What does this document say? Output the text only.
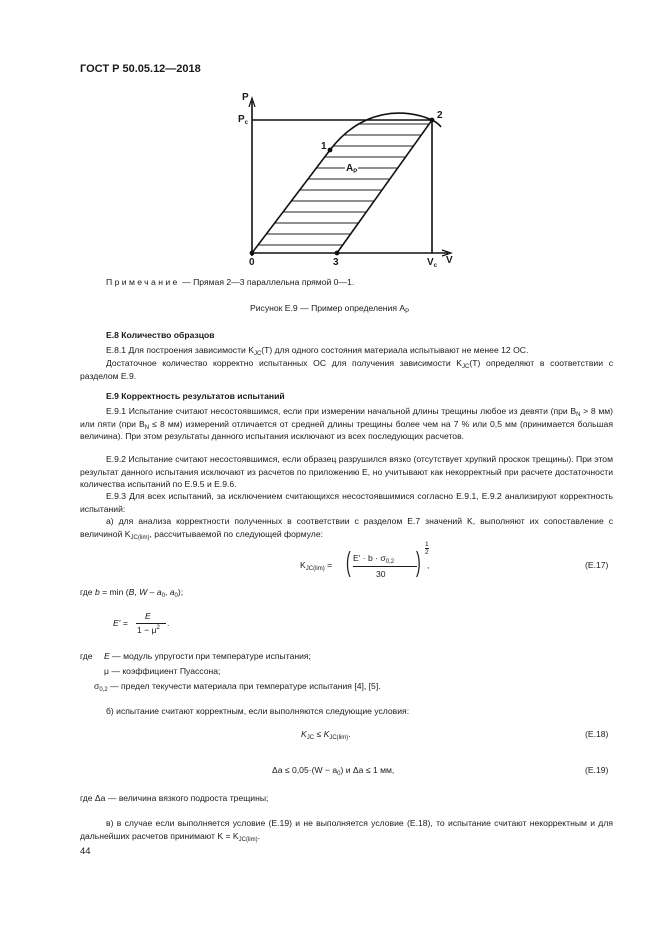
ГОСТ Р 50.05.12—2018
P
$P_c$
2
1
$A_P$
0	3	$V_c$ V
Примечание — Прямая 2—3 параллельна прямой 0—1.
Рисунок Е.9 — Пример определения $A_P$
Е.8 Количество образцов
Е.8.1 Для построения зависимости $K_{JC}(T)$ для одного состояния материала испытывают не менее 12 ОС.
Достаточное количество корректно испытанных ОС для получения зависимости $K_{JC}(T)$ определяют в соответствии с разделом Е.9.
Е.9 Корректность результатов испытаний
Е.9.1 Испытание считают несостоявшимся, если при измерении начальной длины трещины любое из девяти (при $B_N > 8$ мм) или пяти (при $B_N \le 8$ мм) измерений отличается от средней длины трещины более чем на 7 % или 0,5 мм (принимается большая величина). При этом результаты данного испытания исключают из всех последующих расчетов.
Е.9.2 Испытание считают несостоявшимся, если образец разрушился вязко (отсутствует хрупкий проскок трещины). При этом результат данного испытания исключают из расчетов по приложению Е, но учитывают как некорректный при расчете достаточности количества испытаний по Е.9.5 и Е.9.6.
Е.9.3 Для всех испытаний, за исключением считающихся несостоявшимися согласно Е.9.1, Е.9.2 анализируют корректность испытаний:
а) для анализа корректности полученных в соответствии с разделом Е.7 значений K, выполняют их сопоставление с величиной $K_{JC(lim)}$, рассчитываемой по следующей формуле:
$K_{JC(lim)}$ = ( $E' \cdot b \cdot \sigma_{0,2}$
30 )
1
2
,	(Е.17)
где b = min (B, W – $a_0$, $a_0$);
E′ =
E
$1 - \mu^2$
.
где E — модуль упругости при температуре испытания;
μ — коэффициент Пуассона;
$\sigma_{0,2}$ — предел текучести материала при температуре испытания [4], [5].
б) испытание считают корректным, если выполняются следующие условия:
$K_{JC} \le K_{JC(lim)}$.	(Е.18)
$\Delta a \le 0,05\cdot(W - a_0)$ и Δa ≤ 1 мм,	(Е.19)
где Δa — величина вязкого подроста трещины;
в) в случае если выполняется условие (Е.19) и не выполняется условие (Е.18), то испытание считают некорректным и для дальнейших расчетов принимают $K = K_{JC(lim)}$.
44
